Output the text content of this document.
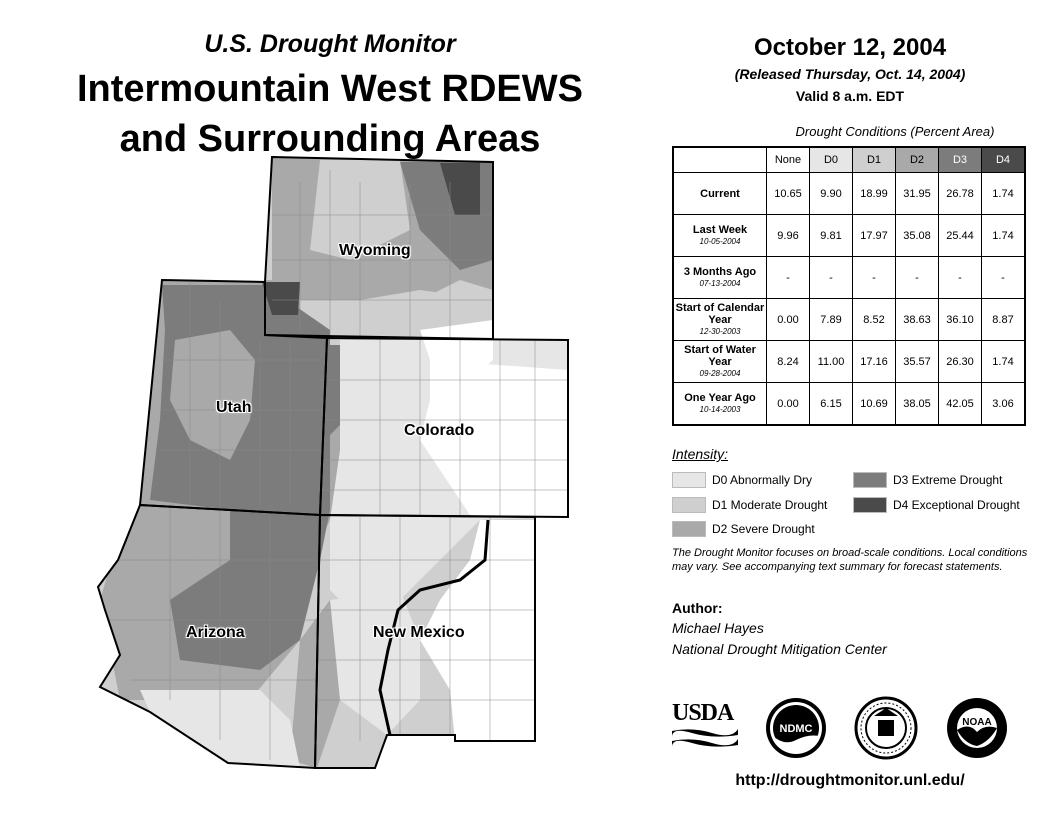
U.S. Drought Monitor
Intermountain West RDEWS
and Surrounding Areas
Wyoming
Utah
Colorado
Arizona	New Mexico
October 12, 2004
(Released Thursday, Oct. 14, 2004)
Valid 8 a.m. EDT
Drought Conditions (Percent Area)
	None	D0	D1	D2	D3	D4
Current	10.65	9.90	18.99	31.95	26.78	1.74
Last Week
10-05-2004	9.96	9.81	17.97	35.08	25.44	1.74
3 Months Ago
07-13-2004	-	-	-	-	-	-
Start of Calendar Year
12-30-2003	0.00	7.89	8.52	38.63	36.10	8.87
Start of Water Year
09-28-2004	8.24	11.00	17.16	35.57	26.30	1.74
One Year Ago
10-14-2003	0.00	6.15	10.69	38.05	42.05	3.06
Intensity:
D0 Abnormally Dry
D1 Moderate Drought
D2 Severe Drought
D3 Extreme Drought
D4 Exceptional Drought
The Drought Monitor focuses on broad-scale conditions. Local conditions may vary. See accompanying text summary for forecast statements.
Author:
Michael Hayes
National Drought Mitigation Center
USDA
NDMC
NOAA
http://droughtmonitor.unl.edu/
